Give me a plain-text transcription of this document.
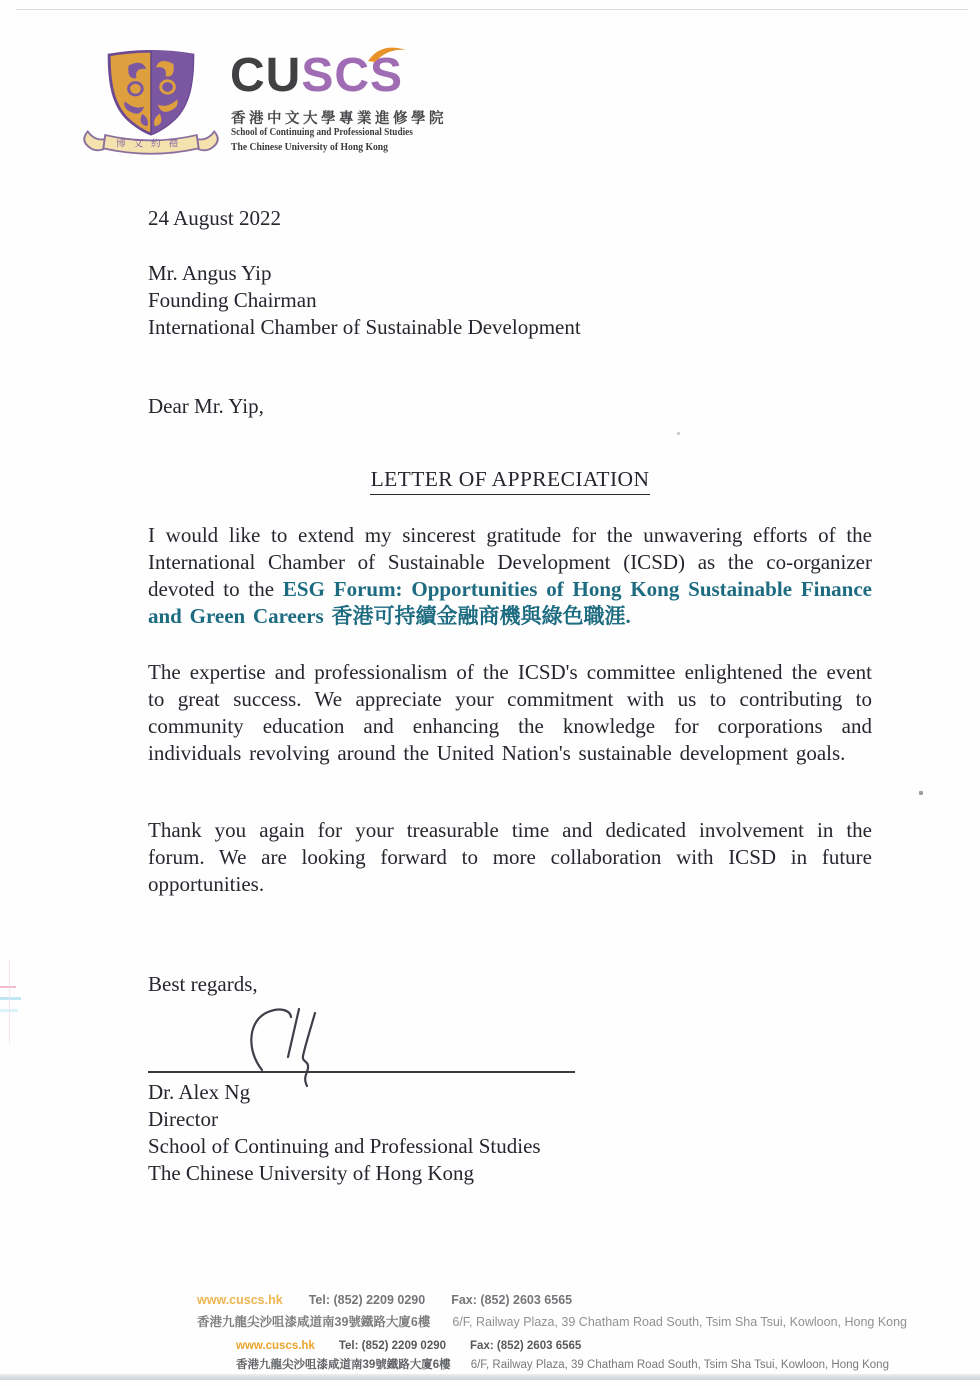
博文約禮
CUSCS
香港中文大學專業進修學院
School of Continuing and Professional Studies
The Chinese University of Hong Kong
24 August 2022
Mr. Angus Yip
Founding Chairman
International Chamber of Sustainable Development
Dear Mr. Yip,
LETTER OF APPRECIATION
I would like to extend my sincerest gratitude for the unwavering efforts of the International Chamber of Sustainable Development (ICSD) as the co-organizer devoted to the ESG Forum: Opportunities of Hong Kong Sustainable Finance and Green Careers 香港可持續金融商機與綠色職涯.
The expertise and professionalism of the ICSD's committee enlightened the event to great success. We appreciate your commitment with us to contributing to community education and enhancing the knowledge for corporations and individuals revolving around the United Nation's sustainable development goals.
Thank you again for your treasurable time and dedicated involvement in the forum. We are looking forward to more collaboration with ICSD in future opportunities.
Best regards,
Dr. Alex Ng
Director
School of Continuing and Professional Studies
The Chinese University of Hong Kong
www.cuscs.hk Tel: (852) 2209 0290 Fax: (852) 2603 6565
香港九龍尖沙咀漆咸道南39號鐵路大廈6樓 6/F, Railway Plaza, 39 Chatham Road South, Tsim Sha Tsui, Kowloon, Hong Kong
www.cuscs.hk Tel: (852) 2209 0290 Fax: (852) 2603 6565
香港九龍尖沙咀漆咸道南39號鐵路大廈6樓 6/F, Railway Plaza, 39 Chatham Road South, Tsim Sha Tsui, Kowloon, Hong Kong
